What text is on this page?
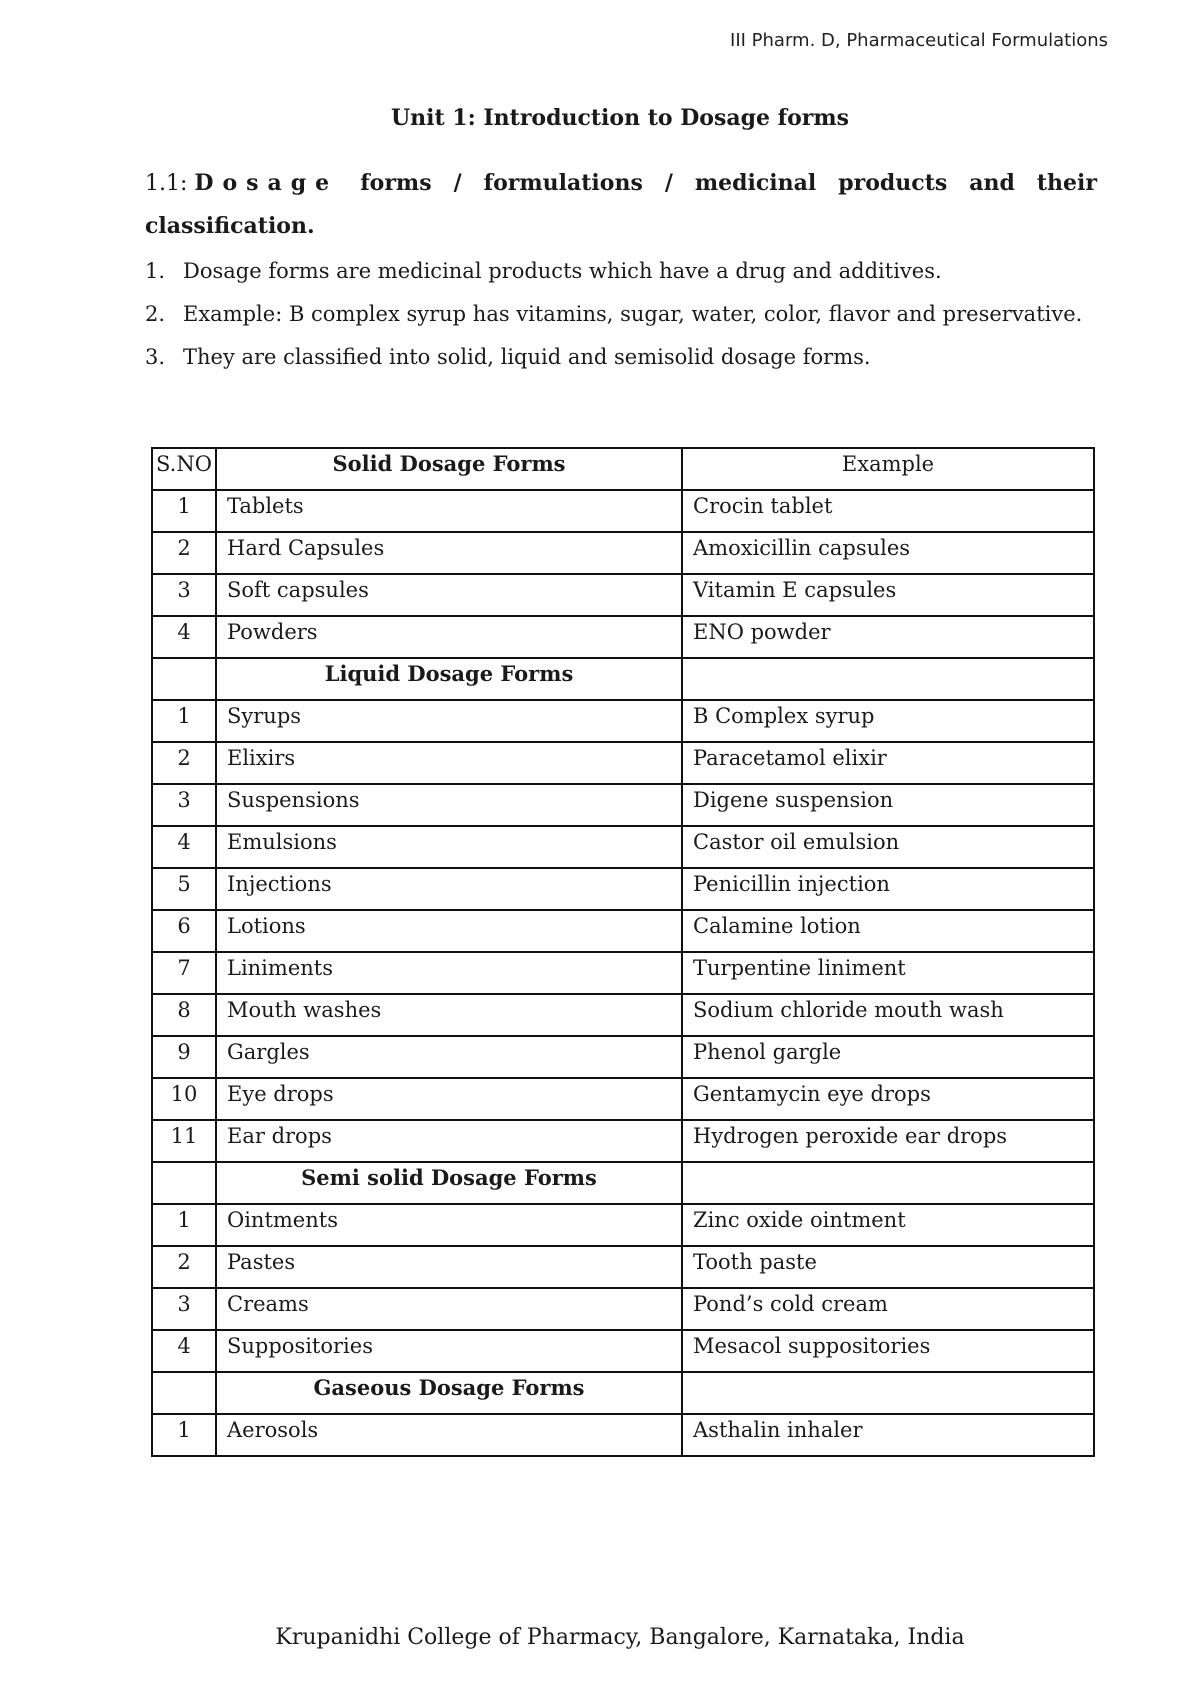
III Pharm. D, Pharmaceutical Formulations
Unit 1: Introduction to Dosage forms
1.1: Dosage forms / formulations / medicinal products and their
classification.
1. Dosage forms are medicinal products which have a drug and additives.
2. Example: B complex syrup has vitamins, sugar, water, color, flavor and preservative.
3. They are classified into solid, liquid and semisolid dosage forms.
S.NO	Solid Dosage Forms	Example
1	Tablets	Crocin tablet
2	Hard Capsules	Amoxicillin capsules
3	Soft capsules	Vitamin E capsules
4	Powders	ENO powder
	Liquid Dosage Forms	
1	Syrups	B Complex syrup
2	Elixirs	Paracetamol elixir
3	Suspensions	Digene suspension
4	Emulsions	Castor oil emulsion
5	Injections	Penicillin injection
6	Lotions	Calamine lotion
7	Liniments	Turpentine liniment
8	Mouth washes	Sodium chloride mouth wash
9	Gargles	Phenol gargle
10	Eye drops	Gentamycin eye drops
11	Ear drops	Hydrogen peroxide ear drops
	Semi solid Dosage Forms	
1	Ointments	Zinc oxide ointment
2	Pastes	Tooth paste
3	Creams	Pond’s cold cream
4	Suppositories	Mesacol suppositories
	Gaseous Dosage Forms	
1	Aerosols	Asthalin inhaler
Krupanidhi College of Pharmacy, Bangalore, Karnataka, India
